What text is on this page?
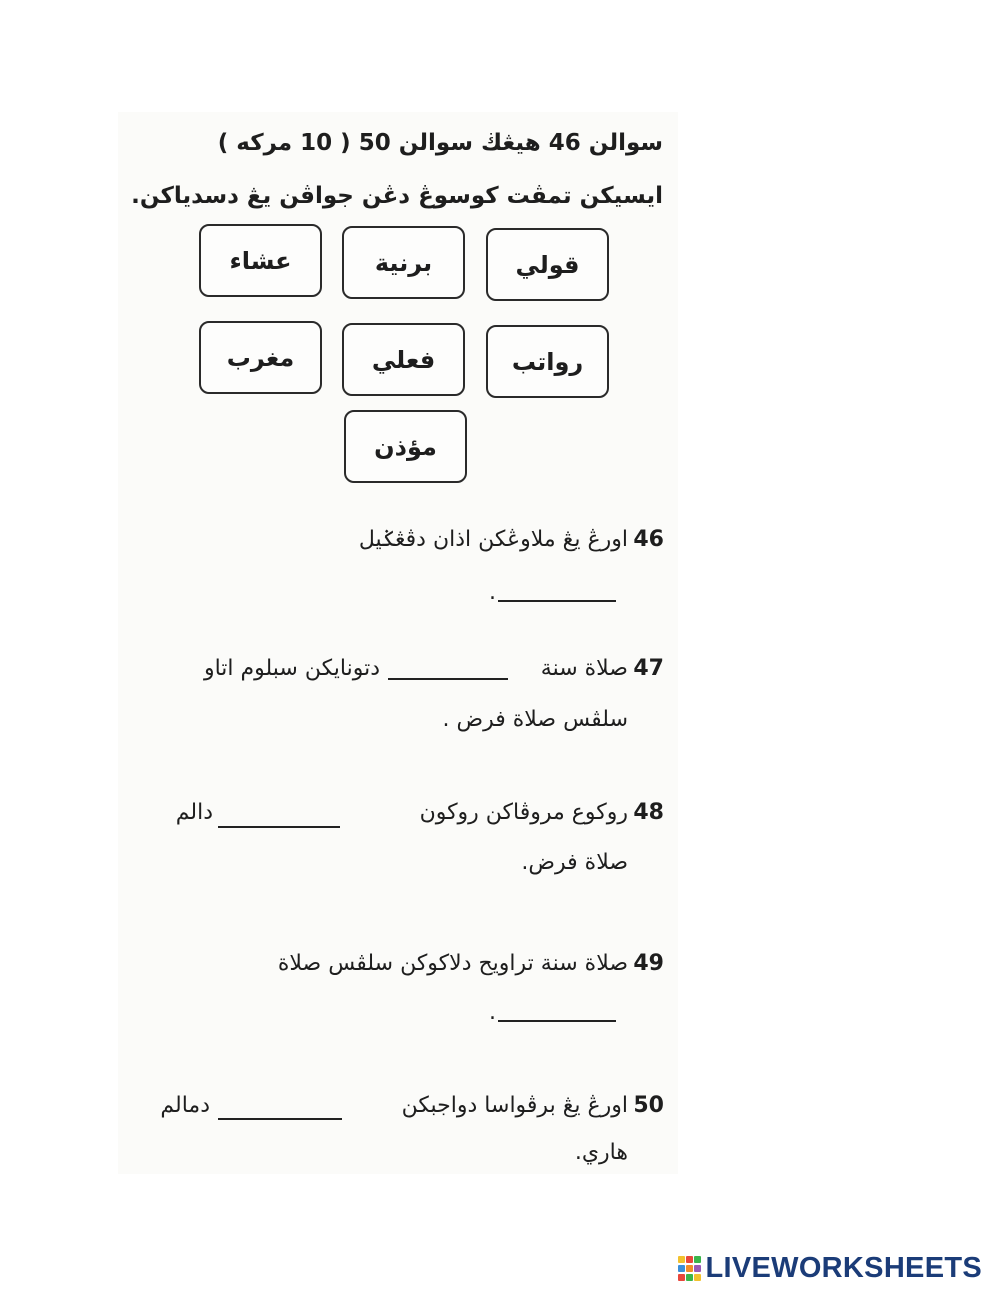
سوالن 46 هيڠڬ سوالن 50 ( 10 مرکه )
ايسيکن تمڤت کوسوڠ دڠن جواڤن يڠ دسدياکن.
قولي
برنية
عشاء
رواتب
فعلي
مغرب
مؤذن
46
اورڠ يڠ ملاوڠکن اذان دڤڠݢيل
.
47
صلاة سنة
دتونايکن سبلوم اتاو
سلڤس صلاة فرض .
48
روکوع مروڤاکن روکون
دالم
صلاة فرض.
49
صلاة سنة تراويح دلاکوکن سلڤس صلاة
.
50
اورڠ يڠ برڤواسا دواجبکن
دمالم
هاري.
LIVEWORKSHEETS
